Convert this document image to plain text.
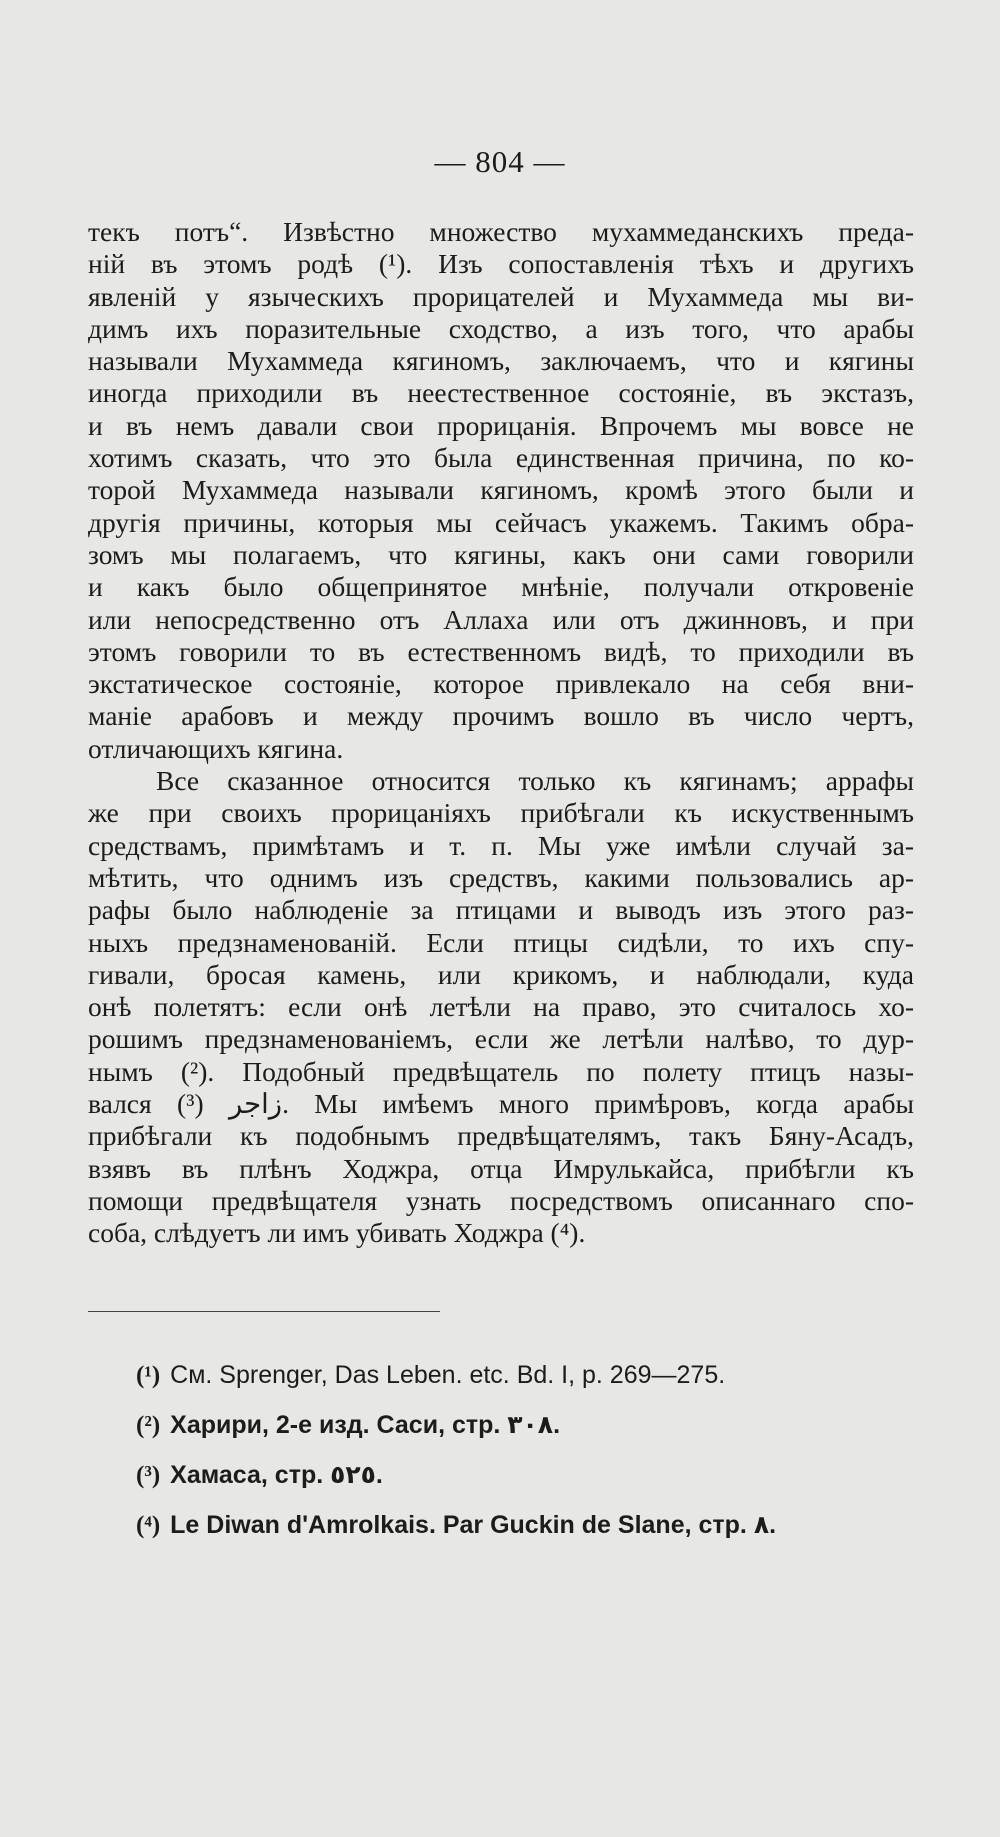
— 804 —
текъ потъ“. Извѣстно множество мухаммеданскихъ преда-
нiй въ этомъ родѣ (¹). Изъ сопоставленiя тѣхъ и другихъ
явленiй у языческихъ прорицателей и Мухаммеда мы ви-
димъ ихъ поразительные сходство, а изъ того, что арабы
называли Мухаммеда кягиномъ, заключаемъ, что и кягины
иногда приходили въ неестественное состоянiе, въ экстазъ,
и въ немъ давали свои прорицанiя. Впрочемъ мы вовсе не
хотимъ сказать, что это была единственная причина, по ко-
торой Мухаммеда называли кягиномъ, кромѣ этого были и
другiя причины, которыя мы сейчасъ укажемъ. Такимъ обра-
зомъ мы полагаемъ, что кягины, какъ они сами говорили
и какъ было общепринятое мнѣнiе, получали откровенiе
или непосредственно отъ Аллаха или отъ джинновъ, и при
этомъ говорили то въ естественномъ видѣ, то приходили въ
экстатическое состоянiе, которое привлекало на себя вни-
манiе арабовъ и между прочимъ вошло въ число чертъ,
отличающихъ кягина.
Все сказанное относится только къ кягинамъ; аррафы
же при своихъ прорицанiяхъ прибѣгали къ искуственнымъ
средствамъ, примѣтамъ и т. п. Мы уже имѣли случай за-
мѣтить, что однимъ изъ средствъ, какими пользовались ар-
рафы было наблюденiе за птицами и выводъ изъ этого раз-
ныхъ предзнаменованiй. Если птицы сидѣли, то ихъ спу-
гивали, бросая камень, или крикомъ, и наблюдали, куда
онѣ полетятъ: если онѣ летѣли на право, это считалось хо-
рошимъ предзнаменованiемъ, если же летѣли налѣво, то дур-
нымъ (²). Подобный предвѣщатель по полету птицъ назы-
вался زاجر (³). Мы имѣемъ много примѣровъ, когда арабы
прибѣгали къ подобнымъ предвѣщателямъ, такъ Бяну-Асадъ,
взявъ въ плѣнъ Ходжра, отца Имрулькайса, прибѣгли къ
помощи предвѣщателя узнать посредствомъ описаннаго спо-
соба, слѣдуетъ ли имъ убивать Ходжра (⁴).
(¹) См. Sprenger, Das Leben. etc. Bd. I, p. 269—275.
(²) Харири, 2-е изд. Саси, стр. ٣٠٨.
(³) Хамаса, стр. ٥٢٥.
(⁴) Le Diwan d'Amrolkais. Par Guckin de Slane, стр. ٨.
